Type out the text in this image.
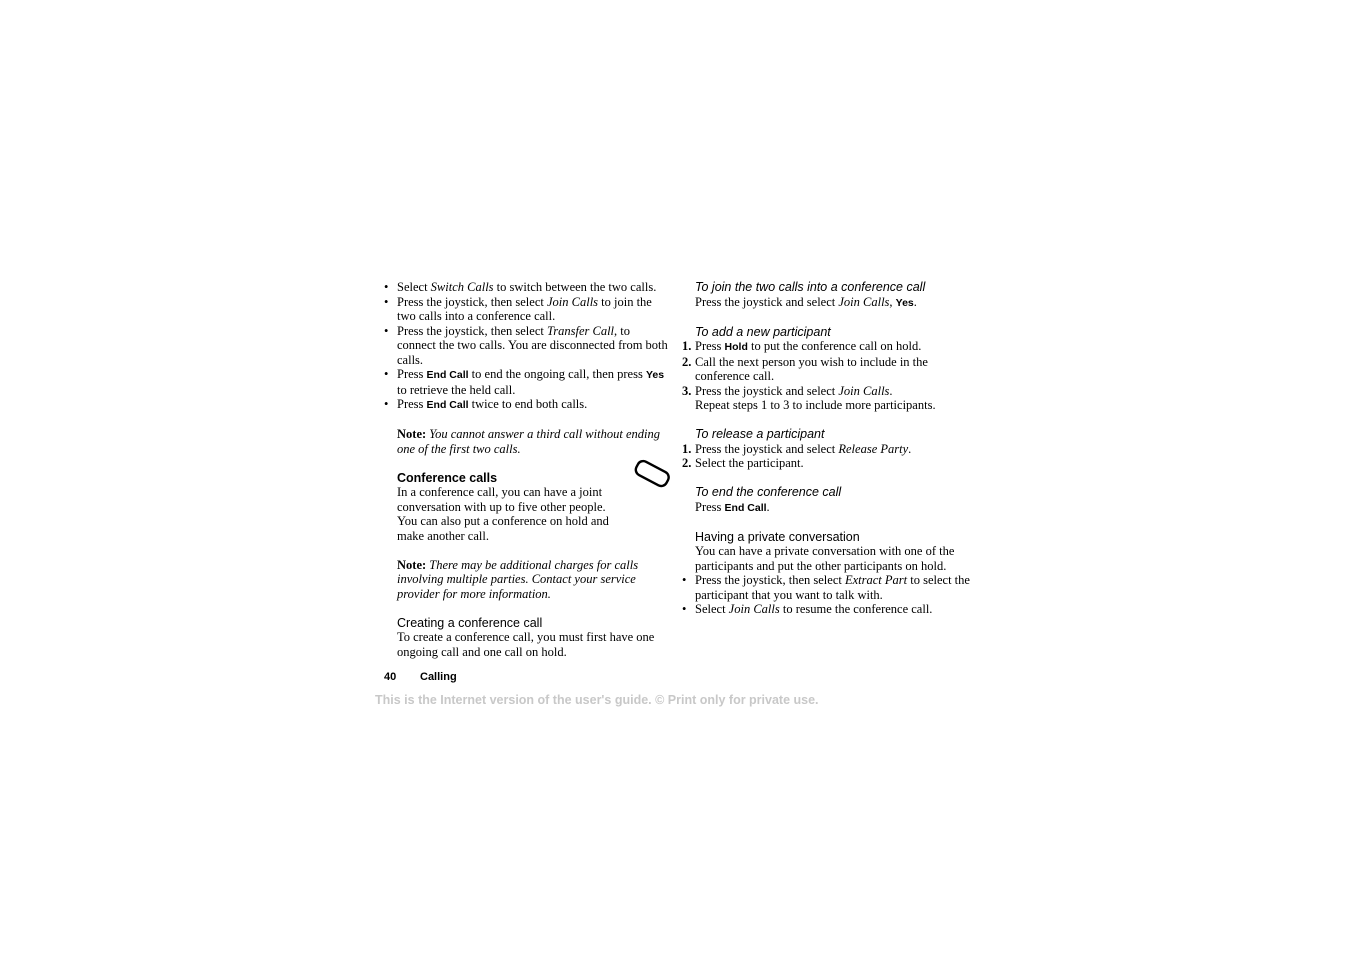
• Select Switch Calls to switch between the two calls.
• Press the joystick, then select Join Calls to join the two calls into a conference call.
• Press the joystick, then select Transfer Call, to connect the two calls. You are disconnected from both calls.
• Press End Call to end the ongoing call, then press Yes to retrieve the held call.
• Press End Call twice to end both calls.
Note: You cannot answer a third call without ending one of the first two calls.
Conference calls
In a conference call, you can have a joint conversation with up to five other people. You can also put a conference on hold and make another call.
Note: There may be additional charges for calls involving multiple parties. Contact your service provider for more information.
Creating a conference call
To create a conference call, you must first have one ongoing call and one call on hold.
To join the two calls into a conference call
Press the joystick and select Join Calls, Yes.
To add a new participant
1. Press Hold to put the conference call on hold.
2. Call the next person you wish to include in the conference call.
3. Press the joystick and select Join Calls.
Repeat steps 1 to 3 to include more participants.
To release a participant
1. Press the joystick and select Release Party.
2. Select the participant.
To end the conference call
Press End Call.
Having a private conversation
You can have a private conversation with one of the participants and put the other participants on hold.
• Press the joystick, then select Extract Part to select the participant that you want to talk with.
• Select Join Calls to resume the conference call.
40 Calling
This is the Internet version of the user's guide. © Print only for private use.
